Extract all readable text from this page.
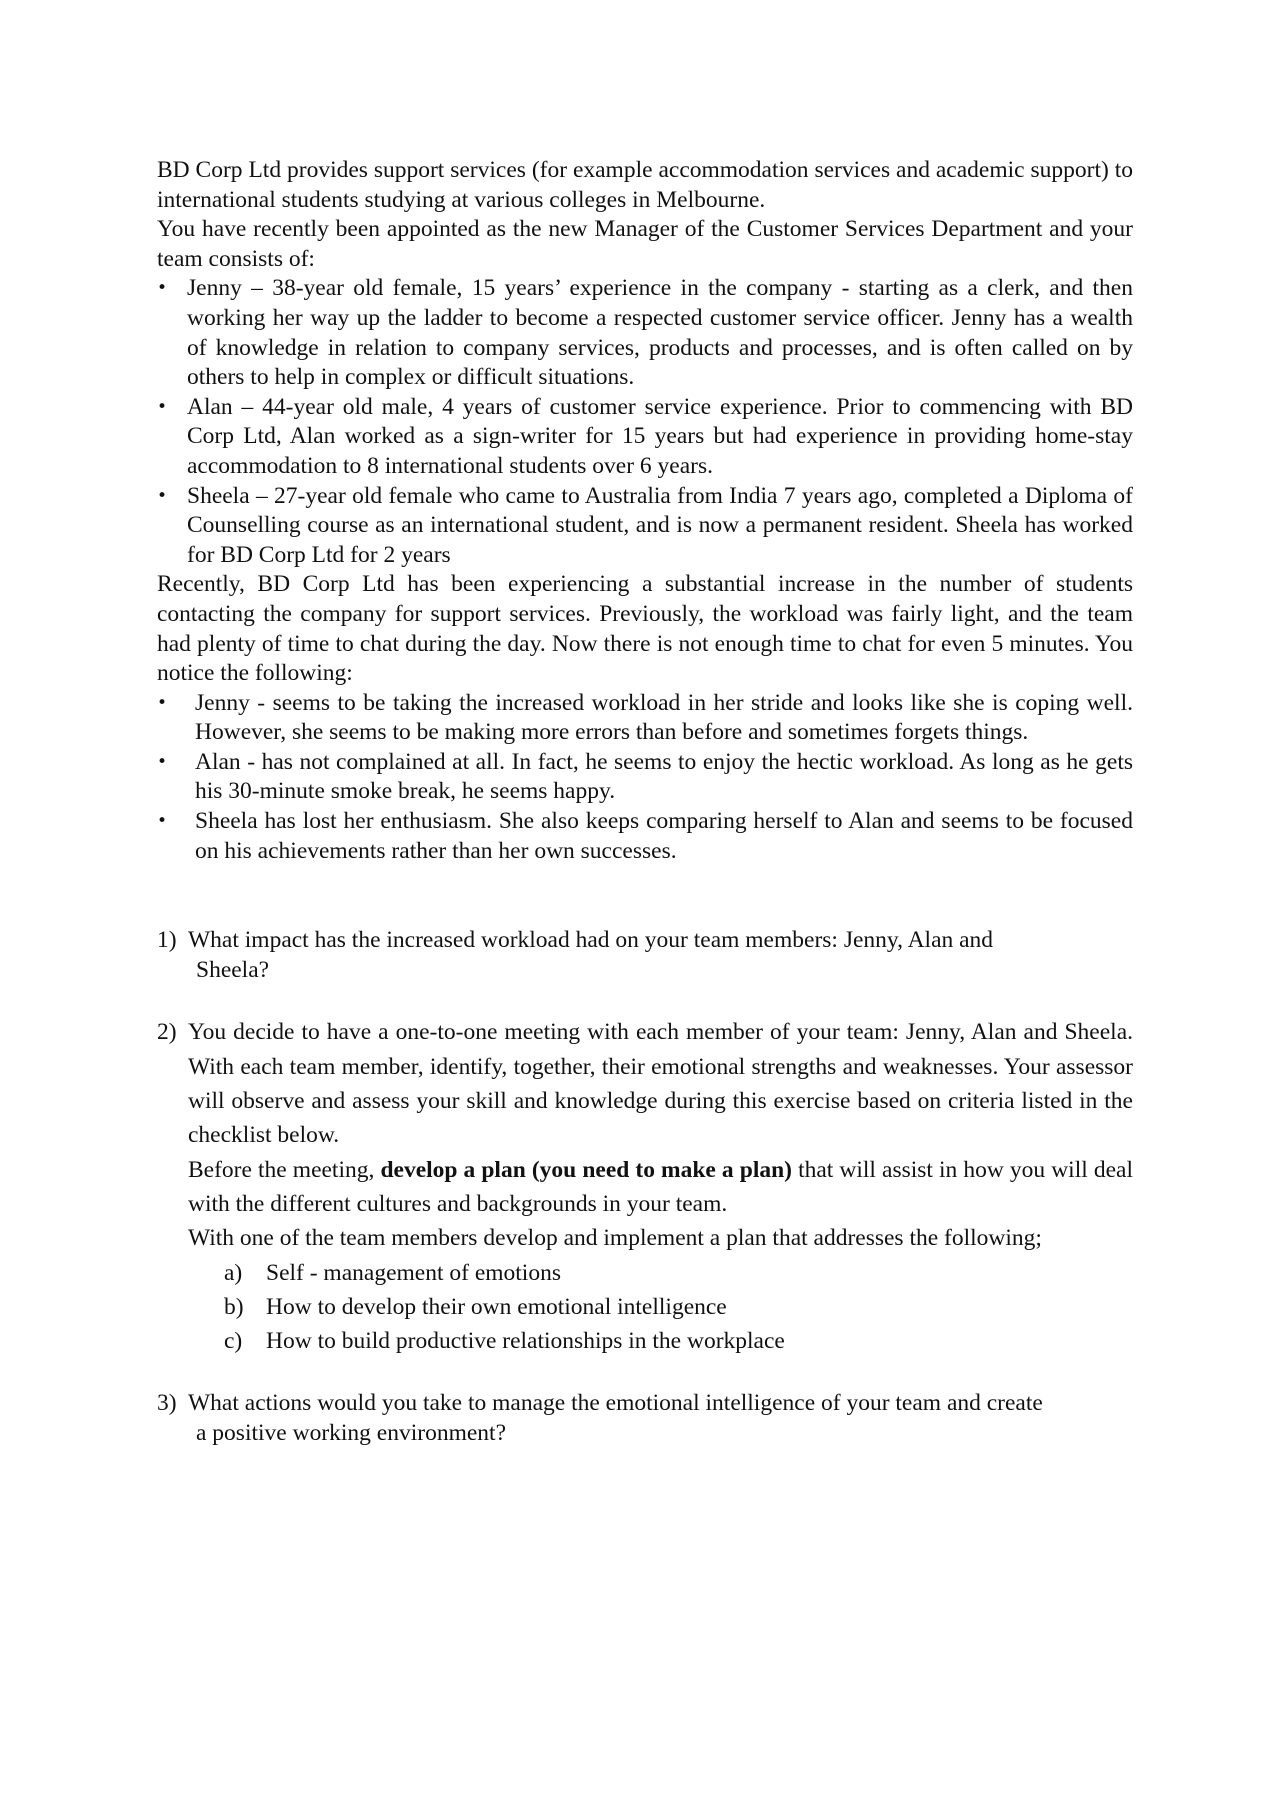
BD Corp Ltd provides support services (for example accommodation services and academic support) to international students studying at various colleges in Melbourne.

You have recently been appointed as the new Manager of the Customer Services Department and your team consists of:

• Jenny – 38-year old female, 15 years’ experience in the company - starting as a clerk, and then working her way up the ladder to become a respected customer service officer. Jenny has a wealth of knowledge in relation to company services, products and processes, and is often called on by others to help in complex or difficult situations.
• Alan – 44-year old male, 4 years of customer service experience. Prior to commencing with BD Corp Ltd, Alan worked as a sign-writer for 15 years but had experience in providing home-stay accommodation to 8 international students over 6 years.
• Sheela – 27-year old female who came to Australia from India 7 years ago, completed a Diploma of Counselling course as an international student, and is now a permanent resident. Sheela has worked for BD Corp Ltd for 2 years

Recently, BD Corp Ltd has been experiencing a substantial increase in the number of students contacting the company for support services. Previously, the workload was fairly light, and the team had plenty of time to chat during the day. Now there is not enough time to chat for even 5 minutes. You notice the following:

•	Jenny - seems to be taking the increased workload in her stride and looks like she is coping well. However, she seems to be making more errors than before and sometimes forgets things.
•	Alan - has not complained at all. In fact, he seems to enjoy the hectic workload. As long as he gets his 30-minute smoke break, he seems happy.
•	Sheela has lost her enthusiasm. She also keeps comparing herself to Alan and seems to be focused on his achievements rather than her own successes.
1) What impact has the increased workload had on your team members: Jenny, Alan and
Sheela?
2) You decide to have a one-to-one meeting with each member of your team: Jenny, Alan and Sheela. With each team member, identify, together, their emotional strengths and weaknesses. Your assessor will observe and assess your skill and knowledge during this exercise based on criteria listed in the checklist below.

Before the meeting, develop a plan (you need to make a plan) that will assist in how you will deal with the different cultures and backgrounds in your team.

With one of the team members develop and implement a plan that addresses the following;

a) Self - management of emotions
b) How to develop their own emotional intelligence
c) How to build productive relationships in the workplace
3) What actions would you take to manage the emotional intelligence of your team and create
a positive working environment?
